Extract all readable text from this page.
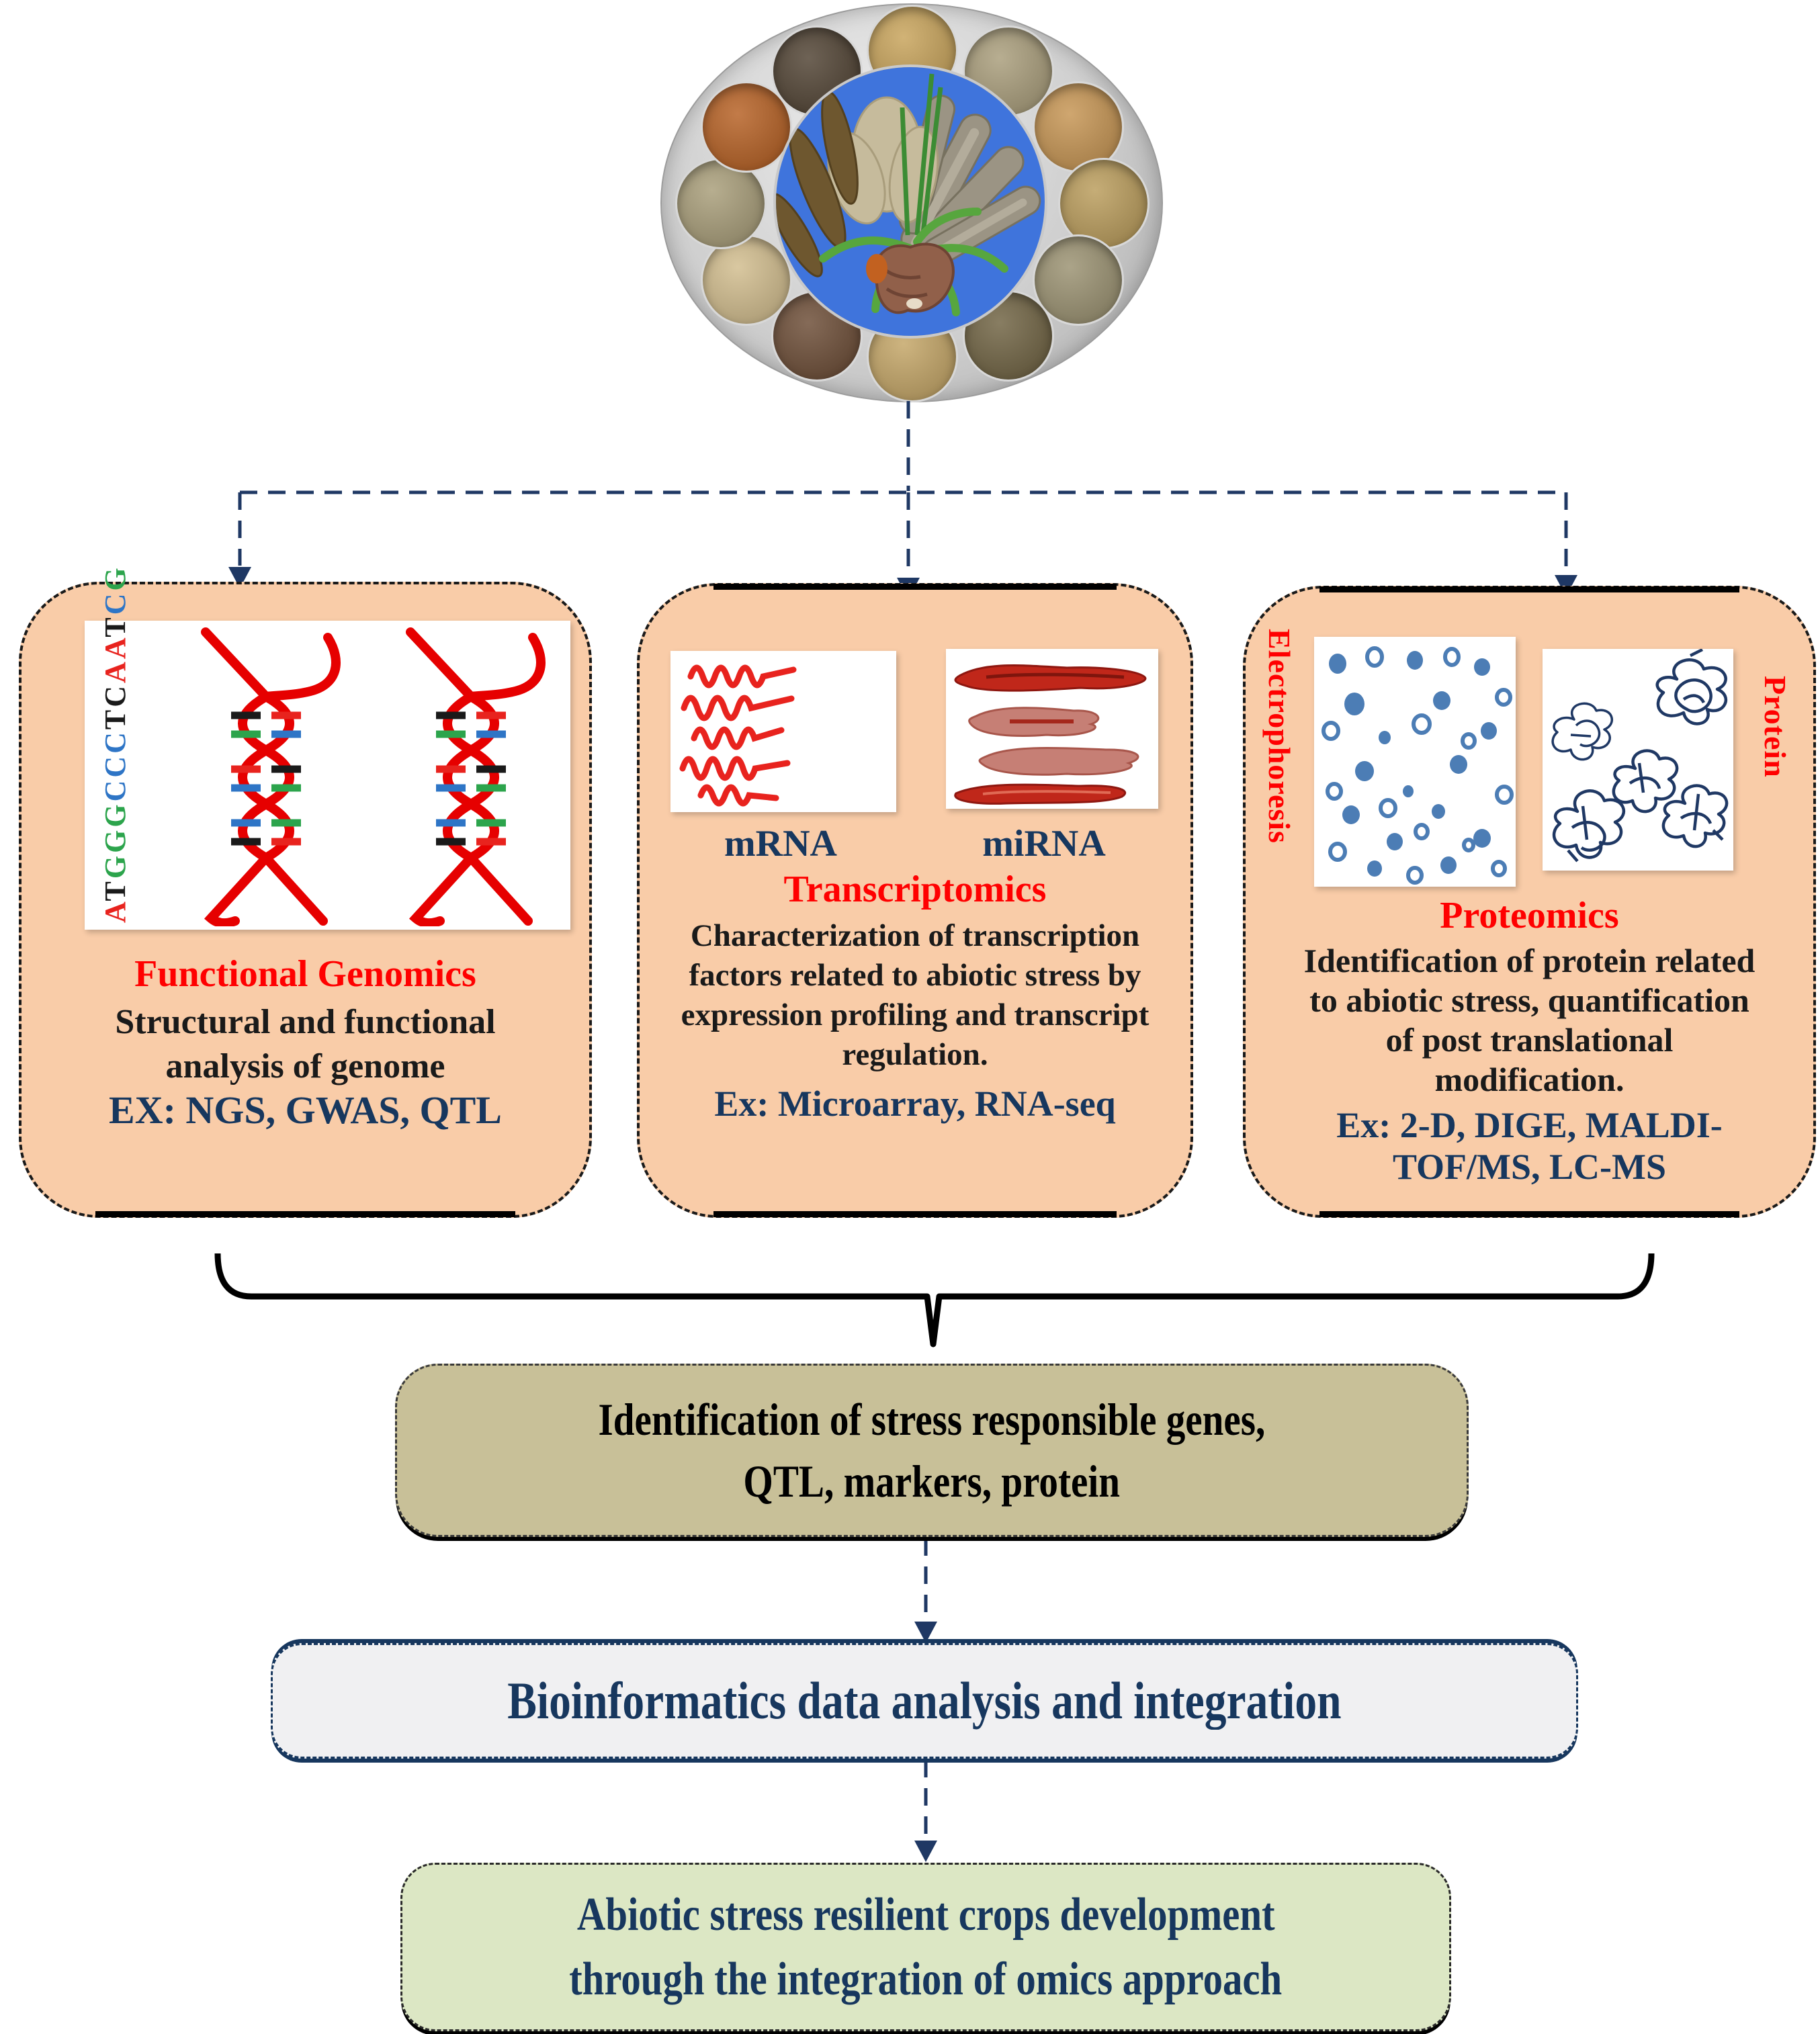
ATGGGCCCTCAATCG
Functional Genomics
Structural and functional
analysis of genome
EX: NGS, GWAS, QTL
mRNA	miRNA
Transcriptomics
Characterization of transcription
factors related to abiotic stress by
expression profiling and transcript
regulation.
Ex: Microarray, RNA-seq
Electrophoresis	Protein
Proteomics
Identification of protein related
to abiotic stress, quantification
of post translational
modification.
Ex: 2-D, DIGE, MALDI-
TOF/MS, LC-MS
Identification of stress responsible genes,
QTL, markers, protein
Bioinformatics data analysis and integration
Abiotic stress resilient crops development
through the integration of omics approach
